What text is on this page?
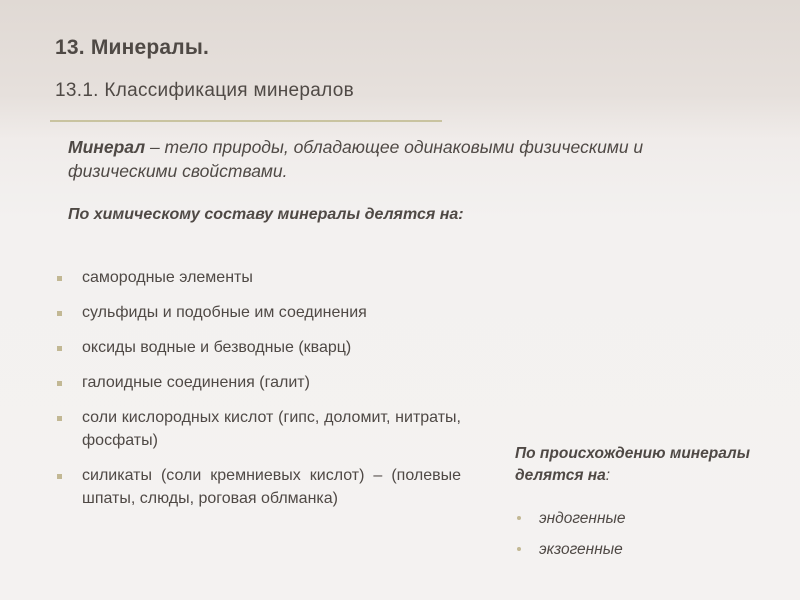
13. Минералы.
13.1. Классификация минералов
Минерал – тело природы, обладающее одинаковыми физическими и физическими свойствами.
По химическому составу минералы делятся на:
самородные элементы
сульфиды и подобные им соединения
оксиды водные и безводные (кварц)
галоидные соединения (галит)
соли кислородных кислот (гипс, доломит, нитраты, фосфаты)
силикаты (соли кремниевых кислот) – (полевые шпаты, слюды, роговая облманка)
По происхождению минералы делятся на:
эндогенные
экзогенные
